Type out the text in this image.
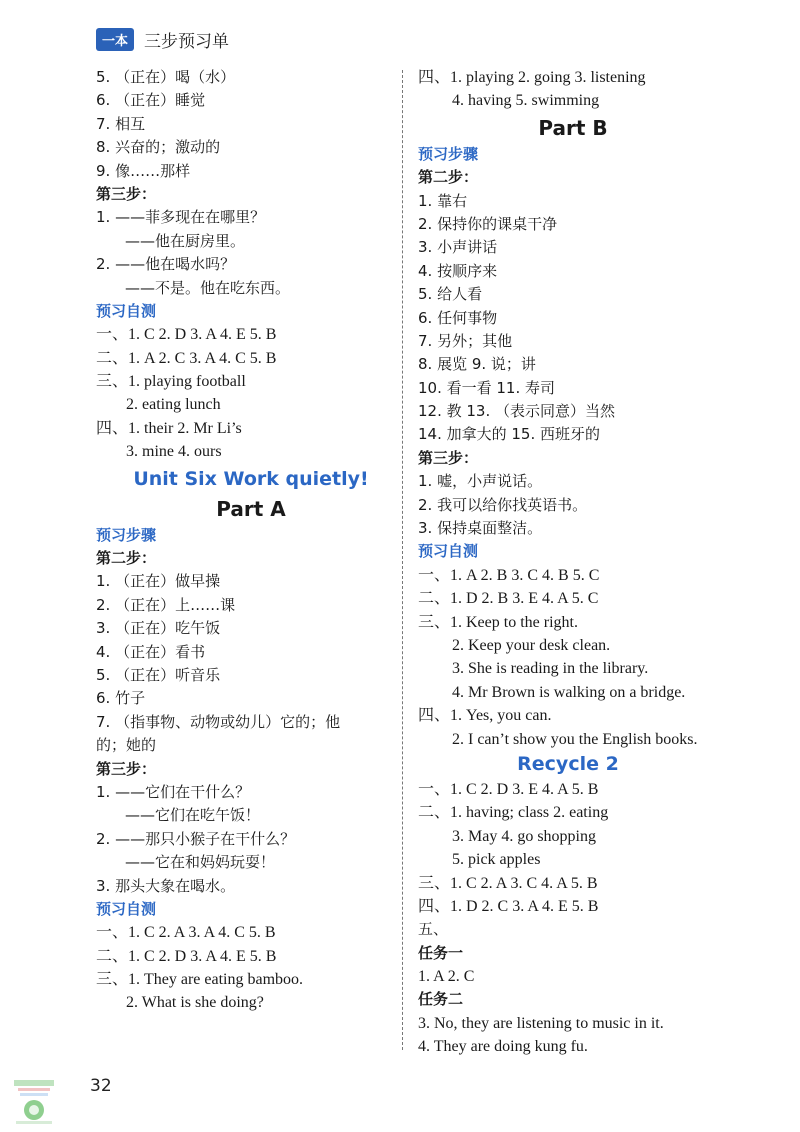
一本 三步预习单
5. （正在）喝（水）
6. （正在）睡觉
7. 相互
8. 兴奋的；激动的
9. 像……那样
第三步：
1. ——菲多现在在哪里？
——他在厨房里。
2. ——他在喝水吗？
——不是。他在吃东西。
预习自测
一、1. C 2. D 3. A 4. E 5. B
二、1. A 2. C 3. A 4. C 5. B
三、1. playing football
2. eating lunch
四、1. their 2. Mr Li’s
3. mine 4. ours
Unit Six Work quietly!
Part A
预习步骤
第二步：
1. （正在）做早操
2. （正在）上……课
3. （正在）吃午饭
4. （正在）看书
5. （正在）听音乐
6. 竹子
7. （指事物、动物或幼儿）它的；他
的；她的
第三步：
1. ——它们在干什么？
——它们在吃午饭！
2. ——那只小猴子在干什么？
——它在和妈妈玩耍！
3. 那头大象在喝水。
预习自测
一、1. C 2. A 3. A 4. C 5. B
二、1. C 2. D 3. A 4. E 5. B
三、1. They are eating bamboo.
2. What is she doing?
四、1. playing 2. going 3. listening
4. having 5. swimming
Part B
预习步骤
第二步：
1. 靠右
2. 保持你的课桌干净
3. 小声讲话
4. 按顺序来
5. 给人看
6. 任何事物
7. 另外；其他
8. 展览 9. 说；讲
10. 看一看 11. 寿司
12. 教 13. （表示同意）当然
14. 加拿大的 15. 西班牙的
第三步：
1. 嘘，小声说话。
2. 我可以给你找英语书。
3. 保持桌面整洁。
预习自测
一、1. A 2. B 3. C 4. B 5. C
二、1. D 2. B 3. E 4. A 5. C
三、1. Keep to the right.
2. Keep your desk clean.
3. She is reading in the library.
4. Mr Brown is walking on a bridge.
四、1. Yes, you can.
2. I can’t show you the English books.
Recycle 2
一、1. C 2. D 3. E 4. A 5. B
二、1. having; class 2. eating
3. May 4. go shopping
5. pick apples
三、1. C 2. A 3. C 4. A 5. B
四、1. D 2. C 3. A 4. E 5. B
五、
任务一
1. A 2. C
任务二
3. No, they are listening to music in it.
4. They are doing kung fu.
32
